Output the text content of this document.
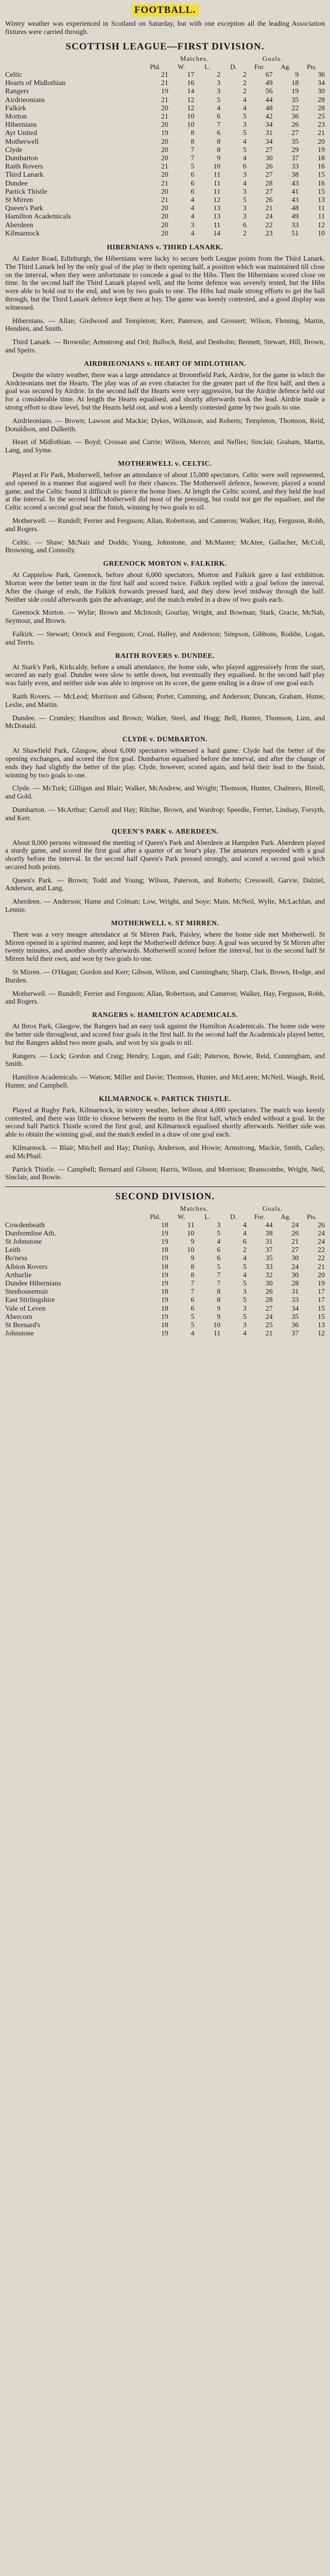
FOOTBALL.

Wintry weather was experienced in Scotland on Saturday, but with one exception all the leading Association fixtures were carried through.

SCOTTISH LEAGUE—FIRST DIVISION.
	Matches.				Goals.		
	Pld.	W.	L.	D.	For.	Ag.	Pts.
Celtic	21	17	2	2	67	9	36
Hearts of Midlothian	21	16	3	2	49	18	34
Rangers	19	14	3	2	56	19	30
Airdrieonians	21	12	5	4	44	35	28
Falkirk	20	12	4	4	48	22	28
Morton	21	10	6	5	42	36	25
Hibernians	20	10	7	3	34	26	23
Ayr United	19	8	6	5	31	27	21
Motherwell	20	8	8	4	34	35	20
Clyde	20	7	8	5	27	29	19
Dumbarton	20	7	9	4	30	37	18
Raith Rovers	21	5	10	6	26	33	16
Third Lanark	20	6	11	3	27	38	15
Dundee	21	6	11	4	28	43	16
Partick Thistle	20	6	11	3	27	41	15
St Mirren	21	4	12	5	26	43	13
Queen's Park	20	4	13	3	21	48	11
Hamilton Academicals	20	4	13	3	24	49	11
Aberdeen	20	3	11	6	22	33	12
Kilmarnock	20	4	14	2	23	51	10
HIBERNIANS v. THIRD LANARK.

At Easter Road, Edinburgh, the Hibernians were lucky to secure both League points from the Third Lanark. The Third Lanark led by the only goal of the play in their opening half, a position which was maintained till close on the interval, when they were unfortunate to concede a goal to the Hibs. Then the Hibernians scored close on time. In the second half the Third Lanark played well, and the home defence was severely tested, but the Hibs were able to hold out to the end, and won by two goals to one. The Hibs had made strong efforts to get the ball through, but the Third Lanark defence kept them at bay. The game was keenly contested, and a good display was witnessed.

Hibernians. — Allan; Girdwood and Templeton; Kerr, Paterson, and Grossert; Wilson, Fleming, Martin, Hendren, and Smith.

Third Lanark. — Brownlie; Armstrong and Ord; Bulloch, Reid, and Denholm; Bennett, Stewart, Hill, Brown, and Speirs.

AIRDRIEONIANS v. HEART OF MIDLOTHIAN.

Despite the wintry weather, there was a large attendance at Broomfield Park, Airdrie, for the game in which the Airdrieonians met the Hearts. The play was of an even character for the greater part of the first half, and then a goal was secured by Airdrie. In the second half the Hearts were very aggressive, but the Airdrie defence held out for a considerable time. At length the Hearts equalised, and shortly afterwards took the lead. Airdrie made a strong effort to draw level, but the Hearts held out, and won a keenly contested game by two goals to one.

Airdrieonians. — Brown; Lawson and Mackie; Dykes, Wilkinson, and Roberts; Templeton, Thomson, Reid, Donaldson, and Dalkeith.

Heart of Midlothian. — Boyd; Crossan and Currie; Wilson, Mercer, and Nellies; Sinclair, Graham, Martin, Lang, and Syme.

MOTHERWELL v. CELTIC.

Played at Fir Park, Motherwell, before an attendance of about 15,000 spectators. Celtic were well represented, and opened in a manner that augured well for their chances. The Motherwell defence, however, played a sound game, and the Celtic found it difficult to pierce the home lines. At length the Celtic scored, and they held the lead at the interval. In the second half Motherwell did most of the pressing, but could not get the equaliser, and the Celtic scored a second goal near the finish, winning by two goals to nil.

Motherwell. — Rundell; Ferrier and Ferguson; Allan, Robertson, and Cameron; Walker, Hay, Ferguson, Robb, and Rogers.

Celtic. — Shaw; McNair and Dodds; Young, Johnstone, and McMaster; McAtee, Gallacher, McColl, Browning, and Connolly.

GREENOCK MORTON v. FALKIRK.

At Cappielow Park, Greenock, before about 6,000 spectators, Morton and Falkirk gave a fast exhibition. Morton were the better team in the first half and scored twice. Falkirk replied with a goal before the interval. After the change of ends, the Falkirk forwards pressed hard, and they drew level midway through the half. Neither side could afterwards gain the advantage, and the match ended in a draw of two goals each.

Greenock Morton. — Wylie; Brown and McIntosh; Gourlay, Wright, and Bowman; Stark, Gracie, McNab, Seymour, and Brown.

Falkirk. — Stewart; Orrock and Ferguson; Croal, Halley, and Anderson; Simpson, Gibbons, Roddie, Logan, and Terris.

RAITH ROVERS v. DUNDEE.

At Stark's Park, Kirkcaldy, before a small attendance, the home side, who played aggressively from the start, secured an early goal. Dundee were slow to settle down, but eventually they equalised. In the second half play was fairly even, and neither side was able to improve on its score, the game ending in a draw of one goal each.

Raith Rovers. — McLeod; Morrison and Gibson; Porter, Cumming, and Anderson; Duncan, Graham, Hume, Leslie, and Martin.

Dundee. — Crumley; Hamilton and Brown; Walker, Steel, and Hogg; Bell, Hunter, Thomson, Linn, and McDonald.

CLYDE v. DUMBARTON.

At Shawfield Park, Glasgow, about 6,000 spectators witnessed a hard game. Clyde had the better of the opening exchanges, and scored the first goal. Dumbarton equalised before the interval, and after the change of ends they had slightly the better of the play. Clyde, however, scored again, and held their lead to the finish, winning by two goals to one.

Clyde. — McTurk; Gilligan and Blair; Walker, McAndrew, and Wright; Thomson, Hunter, Chalmers, Birrell, and Gold.

Dumbarton. — McArthur; Carroll and Hay; Ritchie, Brown, and Wardrop; Speedie, Ferrier, Lindsay, Forsyth, and Kerr.

QUEEN'S PARK v. ABERDEEN.

About 8,000 persons witnessed the meeting of Queen's Park and Aberdeen at Hampden Park. Aberdeen played a sturdy game, and scored the first goal after a quarter of an hour's play. The amateurs responded with a goal shortly before the interval. In the second half Queen's Park pressed strongly, and scored a second goal which secured both points.

Queen's Park. — Brown; Todd and Young; Wilson, Paterson, and Roberts; Cresswell, Garvie, Dalziel, Anderson, and Lang.

Aberdeen. — Anderson; Hume and Colman; Low, Wright, and Soye; Main, McNeil, Wylie, McLachlan, and Lennie.

MOTHERWELL v. ST MIRREN.

There was a very meagre attendance at St Mirren Park, Paisley, where the home side met Motherwell. St Mirren opened in a spirited manner, and kept the Motherwell defence busy. A goal was secured by St Mirren after twenty minutes, and another shortly afterwards. Motherwell scored before the interval, but in the second half St Mirren held their own, and won by two goals to one.

St Mirren. — O'Hagan; Gordon and Kerr; Gibson, Wilson, and Cunningham; Sharp, Clark, Brown, Hodge, and Burden.

Motherwell. — Rundell; Ferrier and Ferguson; Allan, Robertson, and Cameron; Walker, Hay, Ferguson, Robb, and Rogers.

RANGERS v. HAMILTON ACADEMICALS.

At Ibrox Park, Glasgow, the Rangers had an easy task against the Hamilton Academicals. The home side were the better side throughout, and scored four goals in the first half. In the second half the Academicals played better, but the Rangers added two more goals, and won by six goals to nil.

Rangers. — Lock; Gordon and Craig; Hendry, Logan, and Galt; Paterson, Bowie, Reid, Cunningham, and Smith.

Hamilton Academicals. — Watson; Miller and Davie; Thomson, Hunter, and McLaren; McNeil, Waugh, Reid, Hunter, and Campbell.

KILMARNOCK v. PARTICK THISTLE.

Played at Rugby Park, Kilmarnock, in wintry weather, before about 4,000 spectators. The match was keenly contested, and there was little to choose between the teams in the first half, which ended without a goal. In the second half Partick Thistle scored the first goal, and Kilmarnock equalised shortly afterwards. Neither side was able to obtain the winning goal, and the match ended in a draw of one goal each.

Kilmarnock. — Blair; Mitchell and Hay; Dunlop, Anderson, and Howie; Armstrong, Mackie, Smith, Culley, and McPhail.

Partick Thistle. — Campbell; Bernard and Gibson; Harris, Wilson, and Morrison; Branscombe, Wright, Neil, Sinclair, and Bowie.

SECOND DIVISION.
	Matches.				Goals.		
	Pld.	W.	L.	D.	For.	Ag.	Pts.
Cowdenbeath	18	11	3	4	44	24	26
Dunfermline Ath.	19	10	5	4	38	26	24
St Johnstone	19	9	4	6	31	21	24
Leith	18	10	6	2	37	27	22
Bo'ness	19	9	6	4	35	30	22
Albion Rovers	18	8	5	5	33	24	21
Arthurlie	19	8	7	4	32	30	20
Dundee Hibernians	19	7	7	5	30	28	19
Stenhousemuir	18	7	8	3	26	31	17
East Stirlingshire	19	6	8	5	28	33	17
Vale of Leven	18	6	9	3	27	34	15
Abercorn	19	5	9	5	24	35	15
St Bernard's	18	5	10	3	25	36	13
Johnstone	19	4	11	4	21	37	12
